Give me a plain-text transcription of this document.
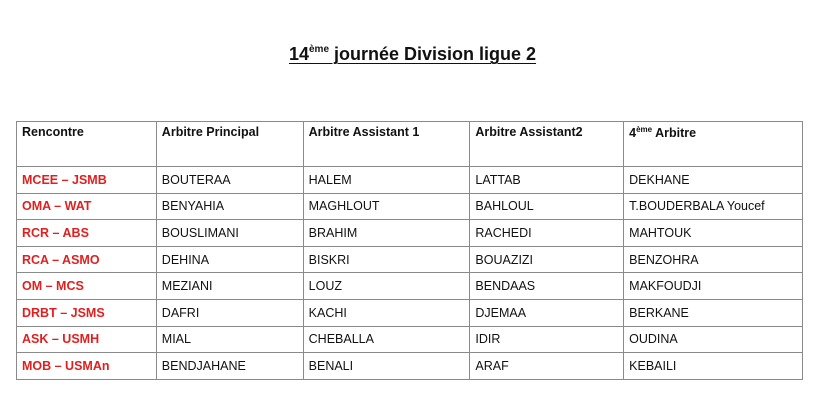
14ème journée Division ligue 2
Rencontre	Arbitre Principal	Arbitre Assistant 1	Arbitre Assistant2	4ème Arbitre
MCEE – JSMB	BOUTERAA	HALEM	LATTAB	DEKHANE
OMA – WAT	BENYAHIA	MAGHLOUT	BAHLOUL	T.BOUDERBALA Youcef
RCR – ABS	BOUSLIMANI	BRAHIM	RACHEDI	MAHTOUK
RCA – ASMO	DEHINA	BISKRI	BOUAZIZI	BENZOHRA
OM – MCS	MEZIANI	LOUZ	BENDAAS	MAKFOUDJI
DRBT – JSMS	DAFRI	KACHI	DJEMAA	BERKANE
ASK – USMH	MIAL	CHEBALLA	IDIR	OUDINA
MOB – USMAn	BENDJAHANE	BENALI	ARAF	KEBAILI
